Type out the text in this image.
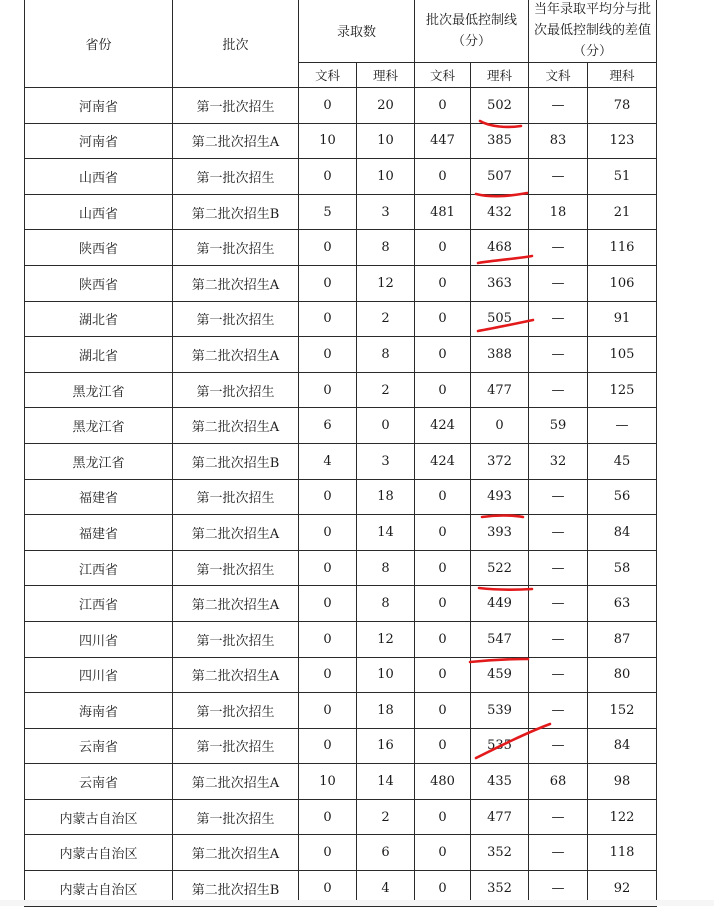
省份	批次	录取数		批次最低控制线（分）		当年录取平均分与批次最低控制线的差值（分）	
		文科	理科	文科	理科	文科	理科
河南省	第一批次招生	0	20	0	502	—	78
河南省	第二批次招生A	10	10	447	385	83	123
山西省	第一批次招生	0	10	0	507	—	51
山西省	第二批次招生B	5	3	481	432	18	21
陕西省	第一批次招生	0	8	0	468	—	116
陕西省	第二批次招生A	0	12	0	363	—	106
湖北省	第一批次招生	0	2	0	505	—	91
湖北省	第二批次招生A	0	8	0	388	—	105
黑龙江省	第一批次招生	0	2	0	477	—	125
黑龙江省	第二批次招生A	6	0	424	0	59	—
黑龙江省	第二批次招生B	4	3	424	372	32	45
福建省	第一批次招生	0	18	0	493	—	56
福建省	第二批次招生A	0	14	0	393	—	84
江西省	第一批次招生	0	8	0	522	—	58
江西省	第二批次招生A	0	8	0	449	—	63
四川省	第一批次招生	0	12	0	547	—	87
四川省	第二批次招生A	0	10	0	459	—	80
海南省	第一批次招生	0	18	0	539	—	152
云南省	第一批次招生	0	16	0	535	—	84
云南省	第二批次招生A	10	14	480	435	68	98
内蒙古自治区	第一批次招生	0	2	0	477	—	122
内蒙古自治区	第二批次招生A	0	6	0	352	—	118
内蒙古自治区	第二批次招生B	0	4	0	352	—	92
